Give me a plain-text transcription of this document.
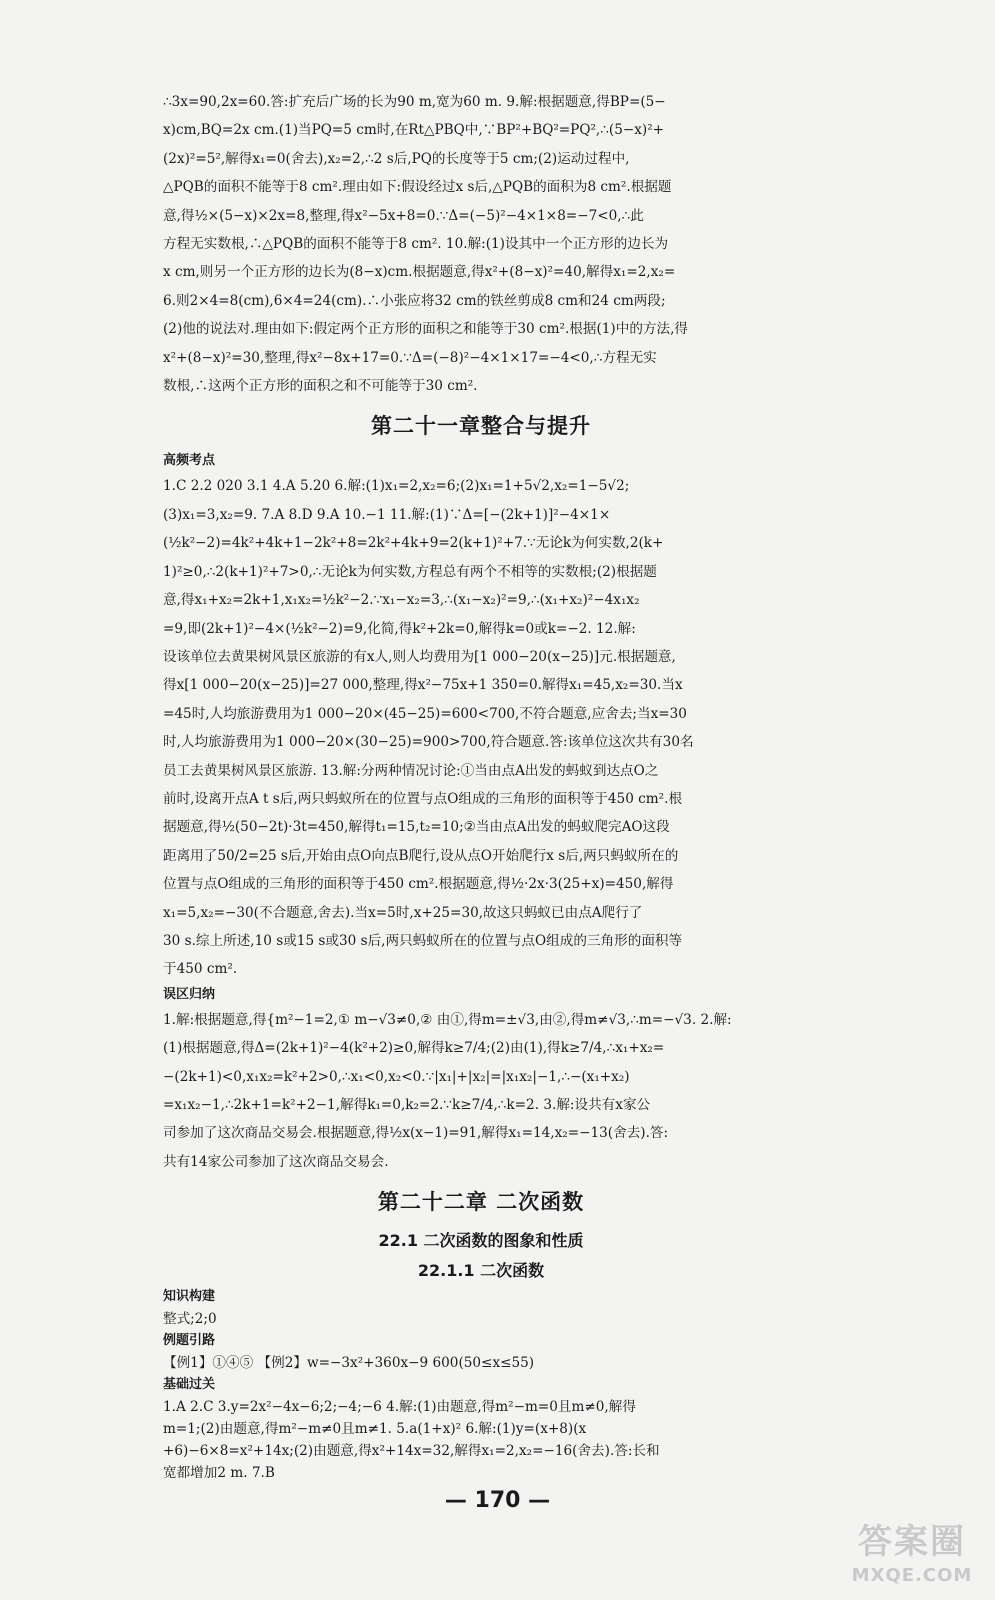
∴3x=90,2x=60.答:扩充后广场的长为90 m,宽为60 m. 9.解:根据题意,得BP=(5−

x)cm,BQ=2x cm.(1)当PQ=5 cm时,在Rt△PBQ中,∵BP²+BQ²=PQ²,∴(5−x)²+

(2x)²=5²,解得x₁=0(舍去),x₂=2,∴2 s后,PQ的长度等于5 cm;(2)运动过程中,

△PQB的面积不能等于8 cm².理由如下:假设经过x s后,△PQB的面积为8 cm².根据题

意,得½×(5−x)×2x=8,整理,得x²−5x+8=0.∵Δ=(−5)²−4×1×8=−7<0,∴此

方程无实数根,∴△PQB的面积不能等于8 cm². 10.解:(1)设其中一个正方形的边长为

x cm,则另一个正方形的边长为(8−x)cm.根据题意,得x²+(8−x)²=40,解得x₁=2,x₂=

6.则2×4=8(cm),6×4=24(cm).∴小张应将32 cm的铁丝剪成8 cm和24 cm两段;

(2)他的说法对.理由如下:假定两个正方形的面积之和能等于30 cm².根据(1)中的方法,得

x²+(8−x)²=30,整理,得x²−8x+17=0.∵Δ=(−8)²−4×1×17=−4<0,∴方程无实

数根,∴这两个正方形的面积之和不可能等于30 cm².

第二十一章整合与提升
高频考点

1.C 2.2 020 3.1 4.A 5.20 6.解:(1)x₁=2,x₂=6;(2)x₁=1+5√2,x₂=1−5√2;

(3)x₁=3,x₂=9. 7.A 8.D 9.A 10.−1 11.解:(1)∵Δ=[−(2k+1)]²−4×1×

(½k²−2)=4k²+4k+1−2k²+8=2k²+4k+9=2(k+1)²+7.∵无论k为何实数,2(k+

1)²≥0,∴2(k+1)²+7>0,∴无论k为何实数,方程总有两个不相等的实数根;(2)根据题

意,得x₁+x₂=2k+1,x₁x₂=½k²−2.∵x₁−x₂=3,∴(x₁−x₂)²=9,∴(x₁+x₂)²−4x₁x₂

=9,即(2k+1)²−4×(½k²−2)=9,化简,得k²+2k=0,解得k=0或k=−2. 12.解:

设该单位去黄果树风景区旅游的有x人,则人均费用为[1 000−20(x−25)]元.根据题意,

得x[1 000−20(x−25)]=27 000,整理,得x²−75x+1 350=0.解得x₁=45,x₂=30.当x

=45时,人均旅游费用为1 000−20×(45−25)=600<700,不符合题意,应舍去;当x=30

时,人均旅游费用为1 000−20×(30−25)=900>700,符合题意.答:该单位这次共有30名

员工去黄果树风景区旅游. 13.解:分两种情况讨论:①当由点A出发的蚂蚁到达点O之

前时,设离开点A t s后,两只蚂蚁所在的位置与点O组成的三角形的面积等于450 cm².根

据题意,得½(50−2t)·3t=450,解得t₁=15,t₂=10;②当由点A出发的蚂蚁爬完AO这段

距离用了50/2=25 s后,开始由点O向点B爬行,设从点O开始爬行x s后,两只蚂蚁所在的

位置与点O组成的三角形的面积等于450 cm².根据题意,得½·2x·3(25+x)=450,解得

x₁=5,x₂=−30(不合题意,舍去).当x=5时,x+25=30,故这只蚂蚁已由点A爬行了

30 s.综上所述,10 s或15 s或30 s后,两只蚂蚁所在的位置与点O组成的三角形的面积等

于450 cm².

误区归纳

1.解:根据题意,得{m²−1=2,① m−√3≠0,② 由①,得m=±√3,由②,得m≠√3,∴m=−√3. 2.解:

(1)根据题意,得Δ=(2k+1)²−4(k²+2)≥0,解得k≥7/4;(2)由(1),得k≥7/4,∴x₁+x₂=

−(2k+1)<0,x₁x₂=k²+2>0,∴x₁<0,x₂<0.∵|x₁|+|x₂|=|x₁x₂|−1,∴−(x₁+x₂)

=x₁x₂−1,∴2k+1=k²+2−1,解得k₁=0,k₂=2.∵k≥7/4,∴k=2. 3.解:设共有x家公

司参加了这次商品交易会.根据题意,得½x(x−1)=91,解得x₁=14,x₂=−13(舍去).答:

共有14家公司参加了这次商品交易会.

第二十二章 二次函数
22.1 二次函数的图象和性质
22.1.1 二次函数
知识构建

整式;2;0

例题引路

【例1】①④⑤ 【例2】w=−3x²+360x−9 600(50≤x≤55)

基础过关

1.A 2.C 3.y=2x²−4x−6;2;−4;−6 4.解:(1)由题意,得m²−m=0且m≠0,解得

m=1;(2)由题意,得m²−m≠0且m≠1. 5.a(1+x)² 6.解:(1)y=(x+8)(x

+6)−6×8=x²+14x;(2)由题意,得x²+14x=32,解得x₁=2,x₂=−16(舍去).答:长和

宽都增加2 m. 7.B

— 170 —
答案圈
MXQE.COM
